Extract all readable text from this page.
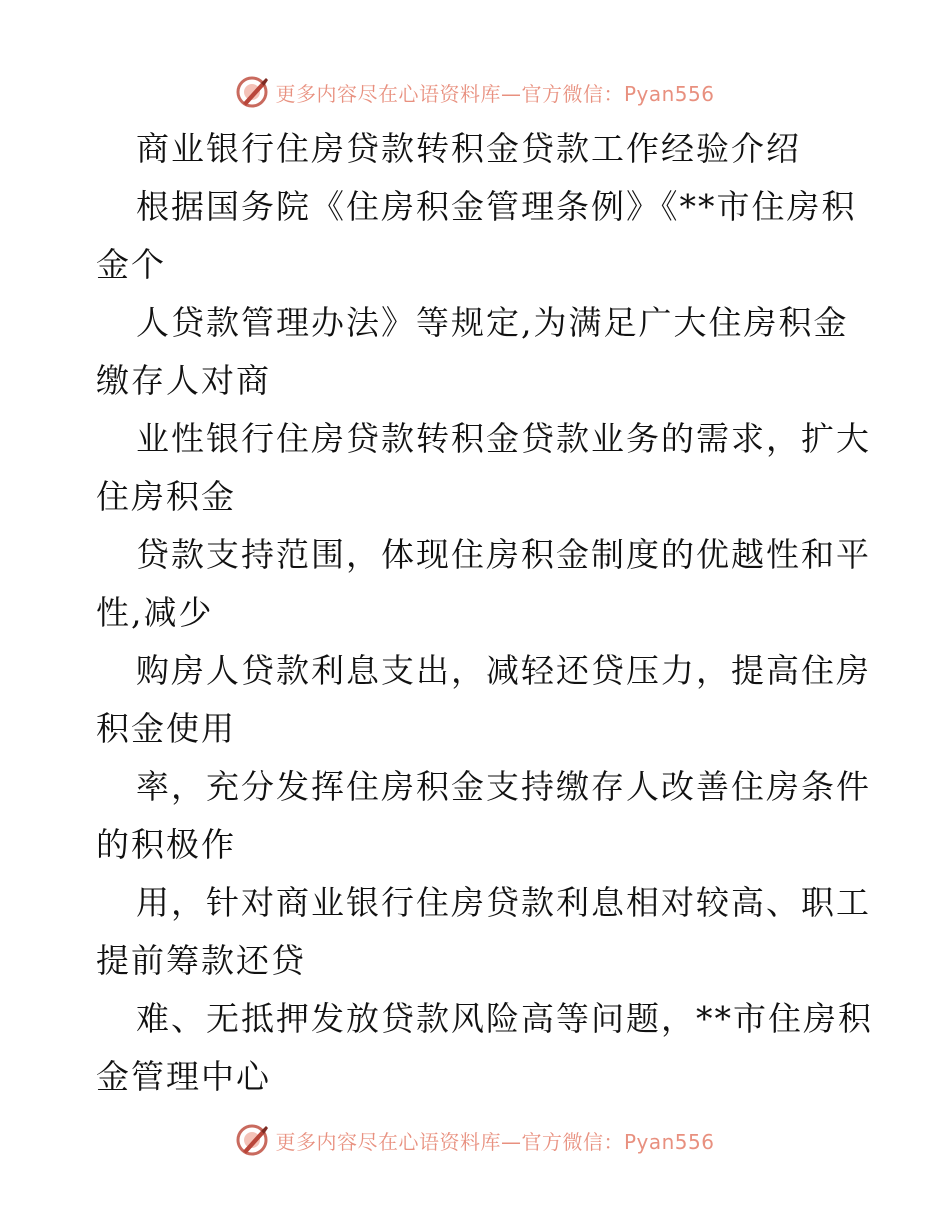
更多内容尽在心语资料库—官方微信：Pyan556
商业银行住房贷款转积金贷款工作经验介绍
根据国务院《住房积金管理条例》《**市住房积
金个
人贷款管理办法》等规定,为满足广大住房积金
缴存人对商
业性银行住房贷款转积金贷款业务的需求，扩大
住房积金
贷款支持范围，体现住房积金制度的优越性和平
性,减少
购房人贷款利息支出，减轻还贷压力，提高住房
积金使用
率，充分发挥住房积金支持缴存人改善住房条件
的积极作
用，针对商业银行住房贷款利息相对较高、职工
提前筹款还贷
难、无抵押发放贷款风险高等问题，**市住房积
金管理中心
更多内容尽在心语资料库—官方微信：Pyan556
